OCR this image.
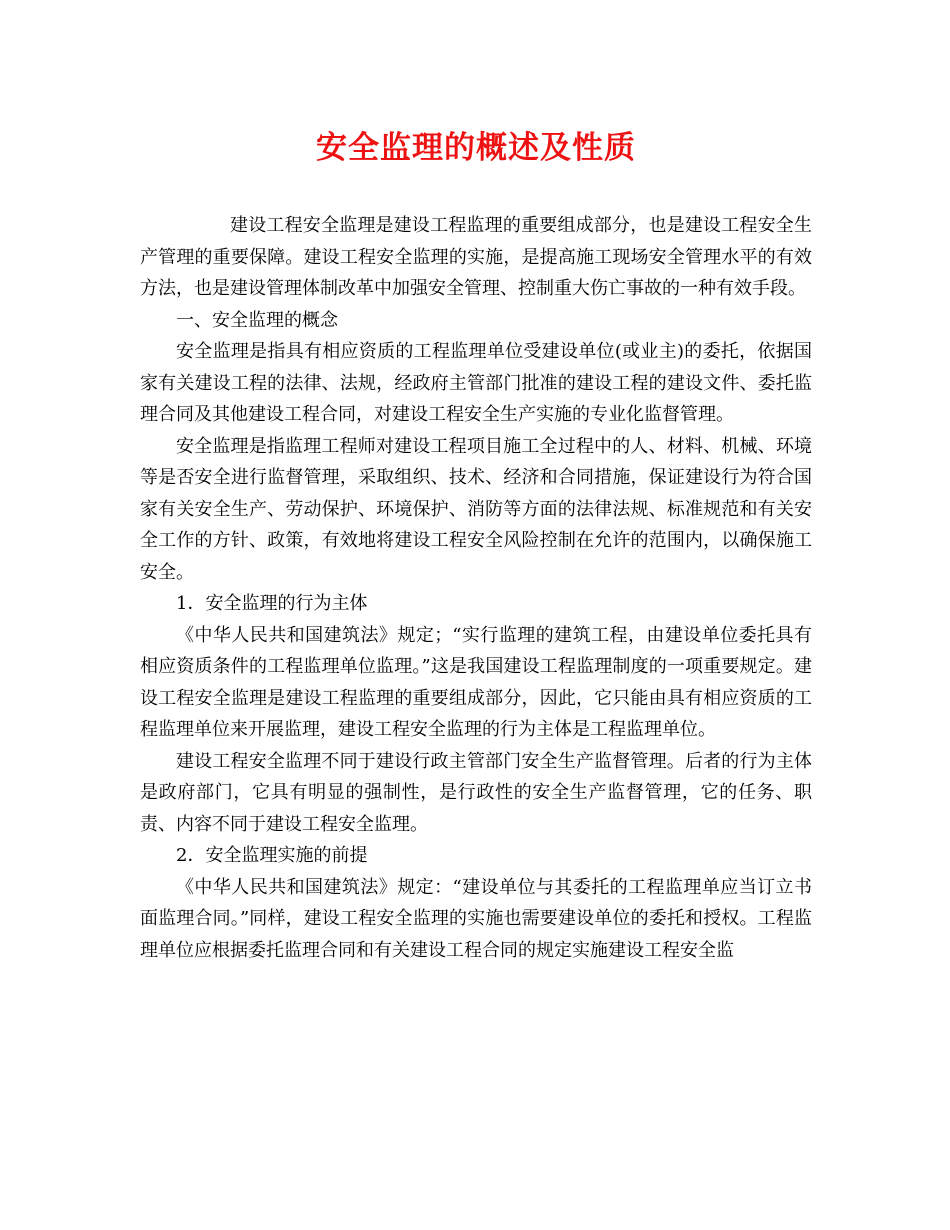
安全监理的概述及性质

建设工程安全监理是建设工程监理的重要组成部分，也是建设工程安全生产管理的重要保障。建设工程安全监理的实施，是提高施工现场安全管理水平的有效方法，也是建设管理体制改革中加强安全管理、控制重大伤亡事故的一种有效手段。

一、安全监理的概念

安全监理是指具有相应资质的工程监理单位受建设单位(或业主)的委托，依据国家有关建设工程的法律、法规，经政府主管部门批准的建设工程的建设文件、委托监理合同及其他建设工程合同，对建设工程安全生产实施的专业化监督管理。

安全监理是指监理工程师对建设工程项目施工全过程中的人、材料、机械、环境等是否安全进行监督管理，采取组织、技术、经济和合同措施，保证建设行为符合国家有关安全生产、劳动保护、环境保护、消防等方面的法律法规、标准规范和有关安全工作的方针、政策，有效地将建设工程安全风险控制在允许的范围内，以确保施工安全。

1．安全监理的行为主体

《中华人民共和国建筑法》规定；“实行监理的建筑工程，由建设单位委托具有相应资质条件的工程监理单位监理。”这是我国建设工程监理制度的一项重要规定。建设工程安全监理是建设工程监理的重要组成部分，因此，它只能由具有相应资质的工程监理单位来开展监理，建设工程安全监理的行为主体是工程监理单位。

建设工程安全监理不同于建设行政主管部门安全生产监督管理。后者的行为主体是政府部门，它具有明显的强制性，是行政性的安全生产监督管理，它的任务、职责、内容不同于建设工程安全监理。

2．安全监理实施的前提

《中华人民共和国建筑法》规定：“建设单位与其委托的工程监理单应当订立书面监理合同。”同样，建设工程安全监理的实施也需要建设单位的委托和授权。工程监理单位应根据委托监理合同和有关建设工程合同的规定实施建设工程安全监
